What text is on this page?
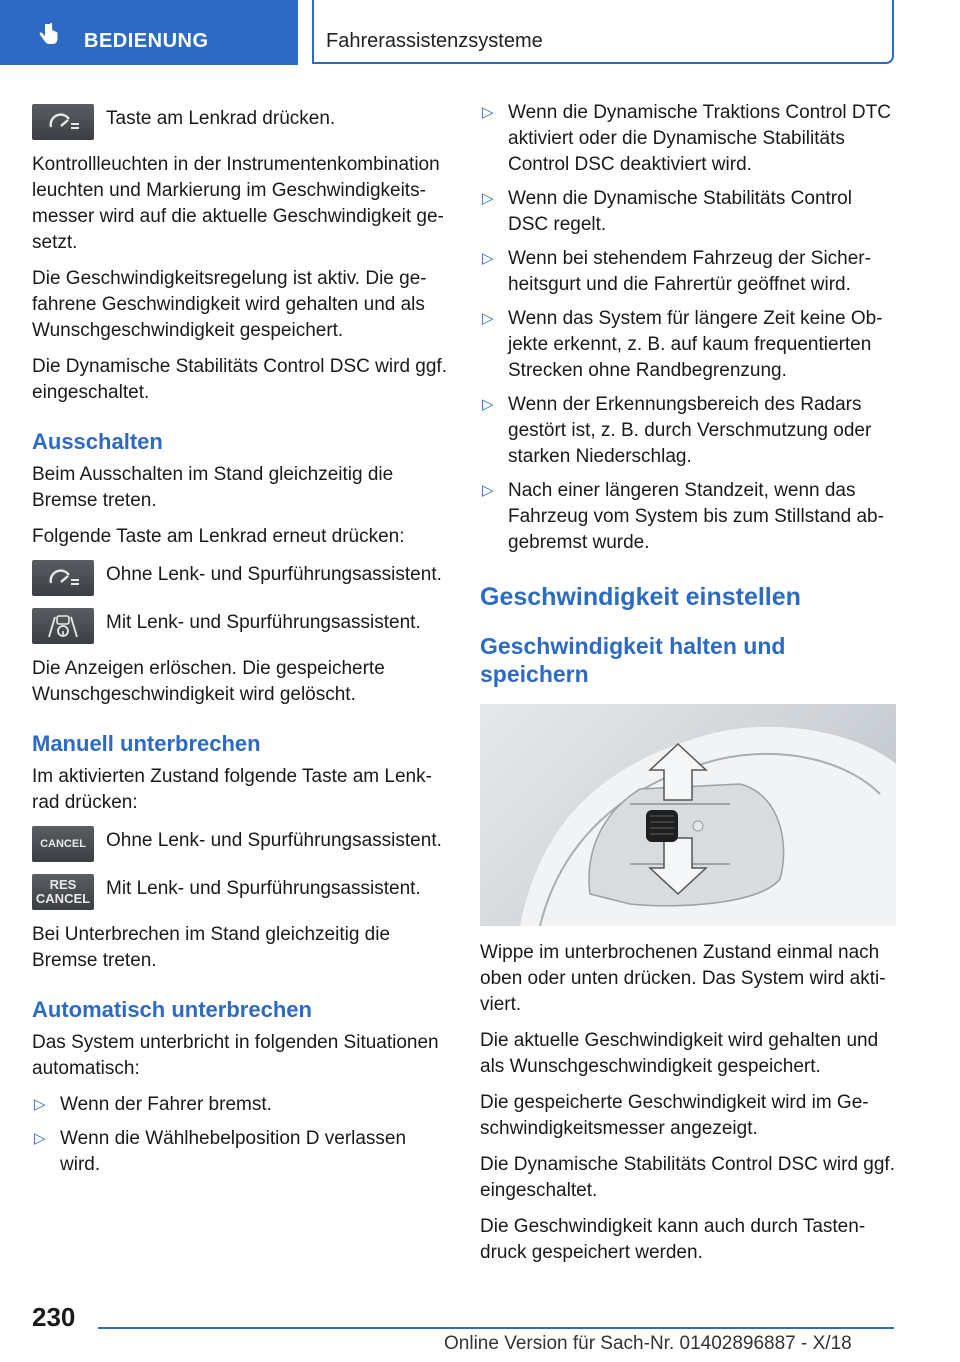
BEDIENUNG	Fahrerassistenzsysteme
Taste am Lenkrad drücken.

Kontrollleuchten in der Instrumentenkombination leuchten und Markierung im Geschwindigkeitsmesser wird auf die aktuelle Geschwindigkeit gesetzt.

Die Geschwindigkeitsregelung ist aktiv. Die gefahrene Geschwindigkeit wird gehalten und als Wunschgeschwindigkeit gespeichert.

Die Dynamische Stabilitäts Control DSC wird ggf. eingeschaltet.

Ausschalten

Beim Ausschalten im Stand gleichzeitig die Bremse treten.

Folgende Taste am Lenkrad erneut drücken:

Ohne Lenk- und Spurführungsassistent.
Mit Lenk- und Spurführungsassistent.

Die Anzeigen erlöschen. Die gespeicherte Wunschgeschwindigkeit wird gelöscht.

Manuell unterbrechen

Im aktivierten Zustand folgende Taste am Lenkrad drücken:

CANCEL Ohne Lenk- und Spurführungsassistent.
RES
CANCEL Mit Lenk- und Spurführungsassistent.

Bei Unterbrechen im Stand gleichzeitig die Bremse treten.

Automatisch unterbrechen

Das System unterbricht in folgenden Situationen automatisch:

▷ Wenn der Fahrer bremst.
▷ Wenn die Wählhebelposition D verlassen wird.
▷ Wenn die Dynamische Traktions Control DTC aktiviert oder die Dynamische Stabilitäts Control DSC deaktiviert wird.
▷ Wenn die Dynamische Stabilitäts Control DSC regelt.
▷ Wenn bei stehendem Fahrzeug der Sicherheitsgurt und die Fahrertür geöffnet wird.
▷ Wenn das System für längere Zeit keine Objekte erkennt, z. B. auf kaum frequentierten Strecken ohne Randbegrenzung.
▷ Wenn der Erkennungsbereich des Radars gestört ist, z. B. durch Verschmutzung oder starken Niederschlag.
▷ Nach einer längeren Standzeit, wenn das Fahrzeug vom System bis zum Stillstand abgebremst wurde.
Geschwindigkeit einstellen
Geschwindigkeit halten und speichern

Wippe im unterbrochenen Zustand einmal nach oben oder unten drücken. Das System wird aktiviert.

Die aktuelle Geschwindigkeit wird gehalten und als Wunschgeschwindigkeit gespeichert.

Die gespeicherte Geschwindigkeit wird im Geschwindigkeitsmesser angezeigt.

Die Dynamische Stabilitäts Control DSC wird ggf. eingeschaltet.

Die Geschwindigkeit kann auch durch Tastendruck gespeichert werden.

230
Online Version für Sach-Nr. 01402896887 - X/18
